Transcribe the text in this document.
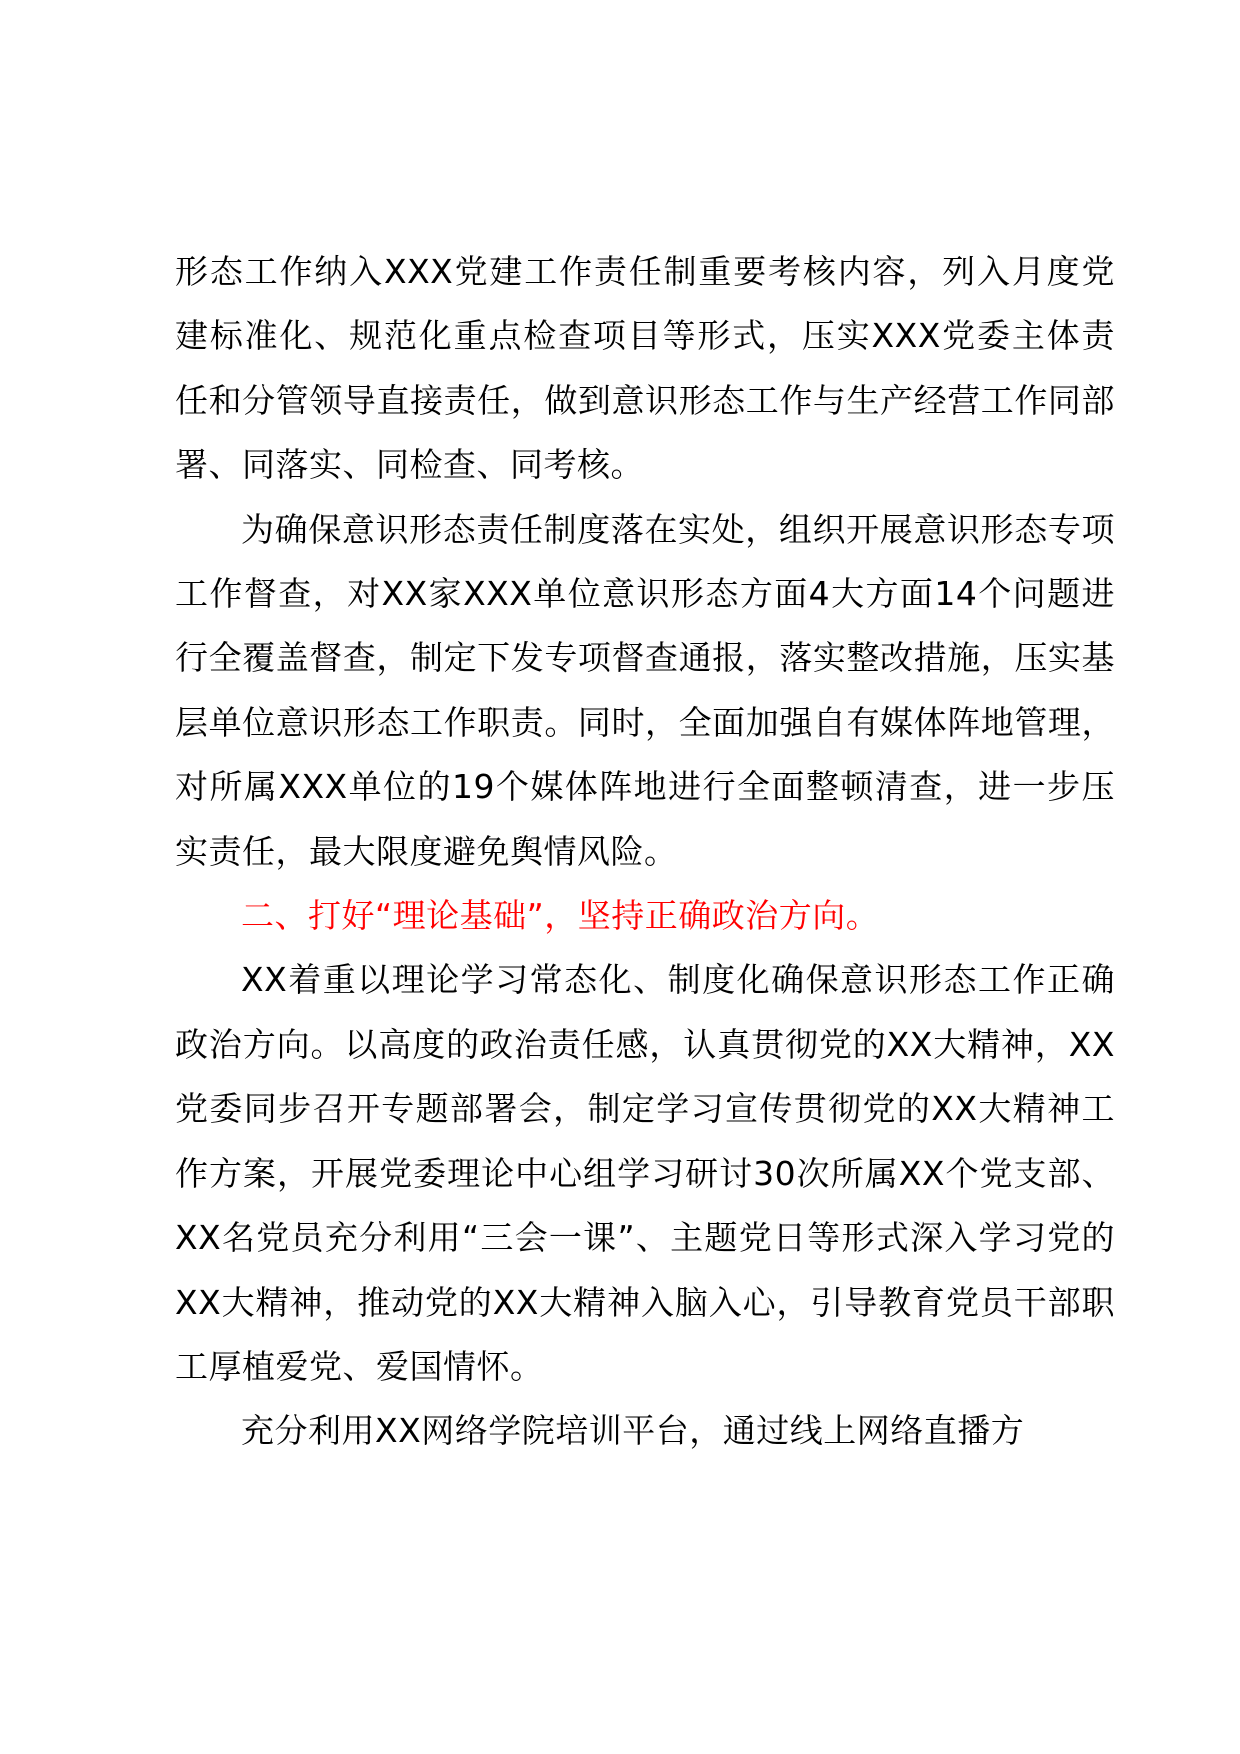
形态工作纳入XXX党建工作责任制重要考核内容，列入月度党建标准化、规范化重点检查项目等形式，压实XXX党委主体责任和分管领导直接责任，做到意识形态工作与生产经营工作同部署、同落实、同检查、同考核。

为确保意识形态责任制度落在实处，组织开展意识形态专项工作督查，对XX家XXX单位意识形态方面4大方面14个问题进行全覆盖督查，制定下发专项督查通报，落实整改措施，压实基层单位意识形态工作职责。同时，全面加强自有媒体阵地管理，对所属XXX单位的19个媒体阵地进行全面整顿清查，进一步压实责任，最大限度避免舆情风险。

二、打好“理论基础”，坚持正确政治方向。

XX着重以理论学习常态化、制度化确保意识形态工作正确政治方向。以高度的政治责任感，认真贯彻党的XX大精神，XX党委同步召开专题部署会，制定学习宣传贯彻党的XX大精神工作方案，开展党委理论中心组学习研讨30次所属XX个党支部、XX名党员充分利用“三会一课”、主题党日等形式深入学习党的XX大精神，推动党的XX大精神入脑入心，引导教育党员干部职工厚植爱党、爱国情怀。

充分利用XX网络学院培训平台，通过线上网络直播方
